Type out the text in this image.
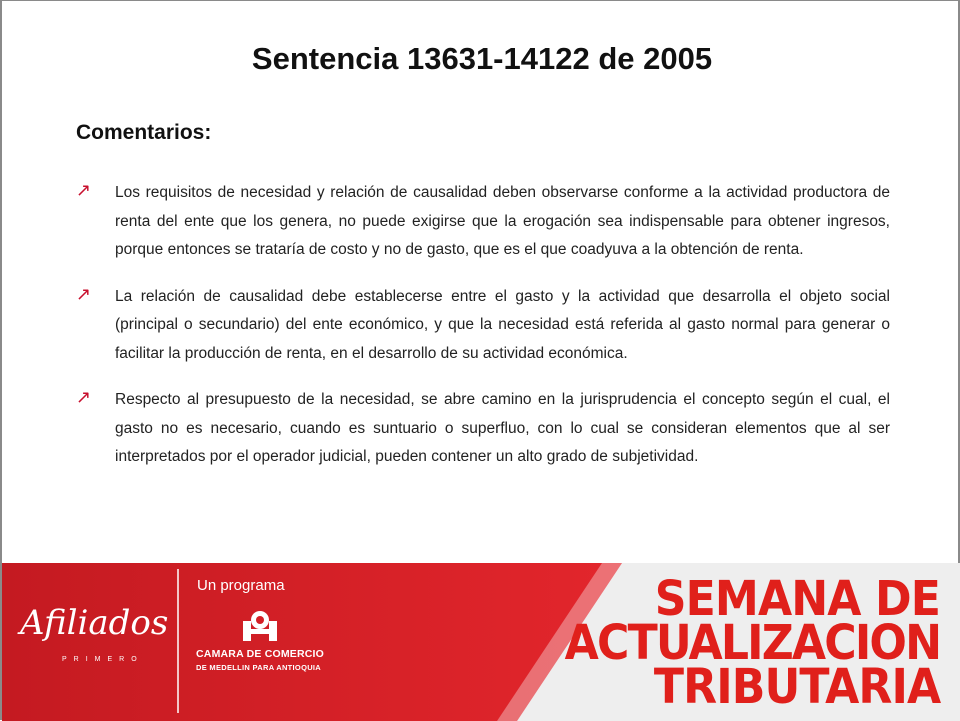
Sentencia 13631-14122 de 2005
Comentarios:
↗ Los requisitos de necesidad y relación de causalidad deben observarse conforme a la actividad productora de renta del ente que los genera, no puede exigirse que la erogación sea indispensable para obtener ingresos, porque entonces se trataría de costo y no de gasto, que es el que coadyuva a la obtención de renta.

↗ La relación de causalidad debe establecerse entre el gasto y la actividad que desarrolla el objeto social (principal o secundario) del ente económico, y que la necesidad está referida al gasto normal para generar o facilitar la producción de renta, en el desarrollo de su actividad económica.

↗ Respecto al presupuesto de la necesidad, se abre camino en la jurisprudencia el concepto según el cual, el gasto no es necesario, cuando es suntuario o superfluo, con lo cual se consideran elementos que al ser interpretados por el operador judicial, pueden contener un alto grado de subjetividad.

Afiliados
PRIMERO
Un programa
CAMARA DE COMERCIO
DE MEDELLIN PARA ANTIOQUIA
SEMANA DE
ACTUALIZACION
TRIBUTARIA
